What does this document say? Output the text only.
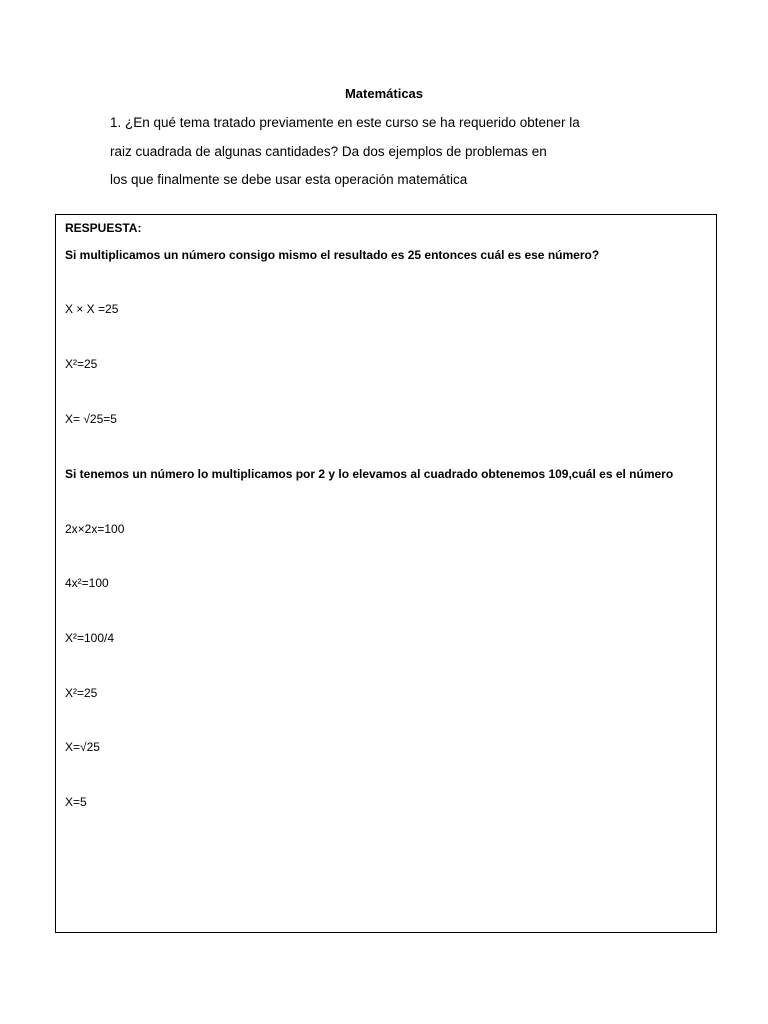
Matemáticas
1. ¿En qué tema tratado previamente en este curso se ha requerido obtener la
raiz cuadrada de algunas cantidades? Da dos ejemplos de problemas en
los que finalmente se debe usar esta operación matemática
RESPUESTA:
Si multiplicamos un número consigo mismo el resultado es 25 entonces cuál es ese número?
X × X =25
X²=25
X= √25=5
Si tenemos un número lo multiplicamos por 2 y lo elevamos al cuadrado obtenemos 109,cuál es el número
2x×2x=100
4x²=100
X²=100/4
X²=25
X=√25
X=5
